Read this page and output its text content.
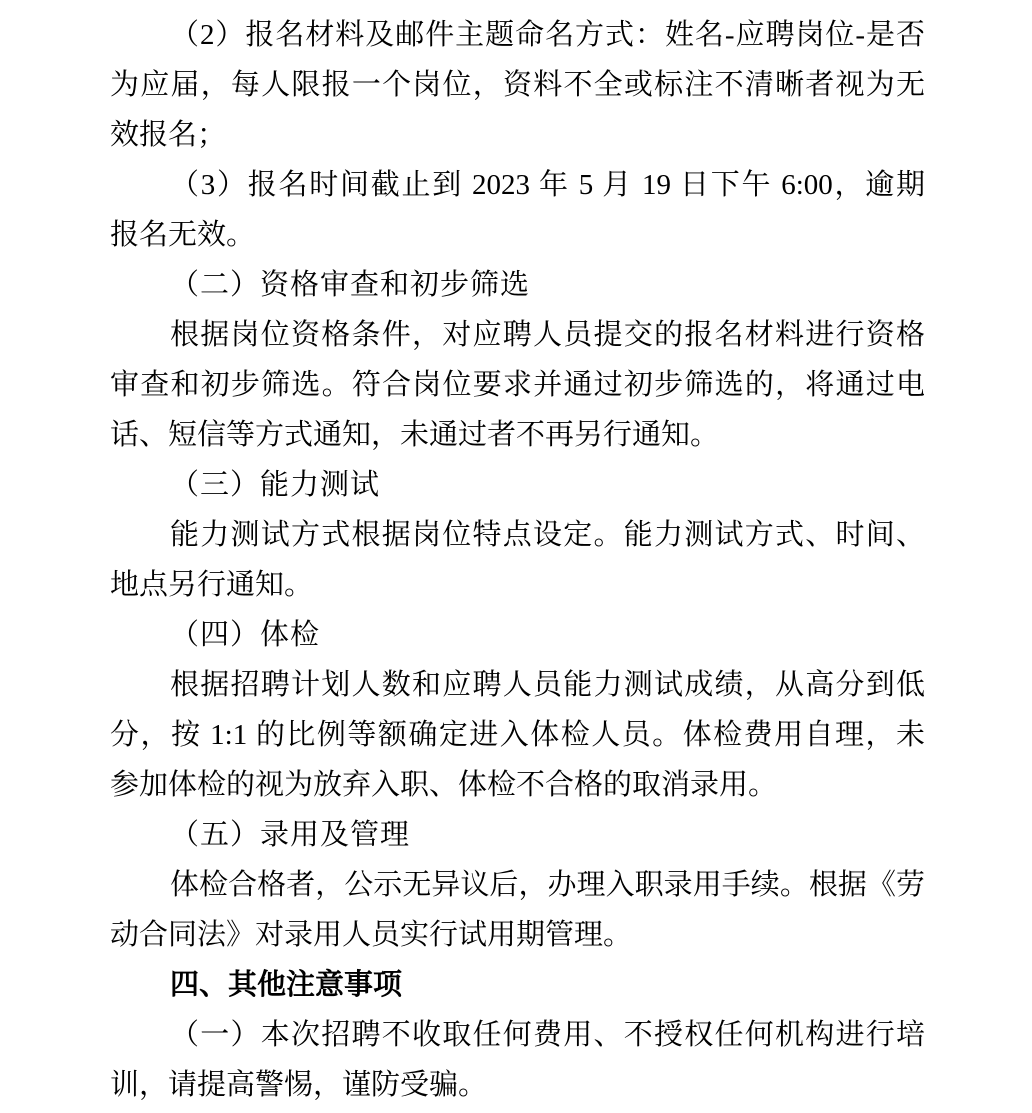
（2）报名材料及邮件主题命名方式：姓名-应聘岗位-是否
为应届，每人限报一个岗位，资料不全或标注不清晰者视为无
效报名；
（3）报名时间截止到 2023 年 5 月 19 日下午 6:00，逾期
报名无效。
（二）资格审查和初步筛选
根据岗位资格条件，对应聘人员提交的报名材料进行资格
审查和初步筛选。符合岗位要求并通过初步筛选的，将通过电
话、短信等方式通知，未通过者不再另行通知。
（三）能力测试
能力测试方式根据岗位特点设定。能力测试方式、时间、
地点另行通知。
（四）体检
根据招聘计划人数和应聘人员能力测试成绩，从高分到低
分，按 1:1 的比例等额确定进入体检人员。体检费用自理，未
参加体检的视为放弃入职、体检不合格的取消录用。
（五）录用及管理
体检合格者，公示无异议后，办理入职录用手续。根据《劳
动合同法》对录用人员实行试用期管理。
四、其他注意事项
（一）本次招聘不收取任何费用、不授权任何机构进行培
训，请提高警惕，谨防受骗。
